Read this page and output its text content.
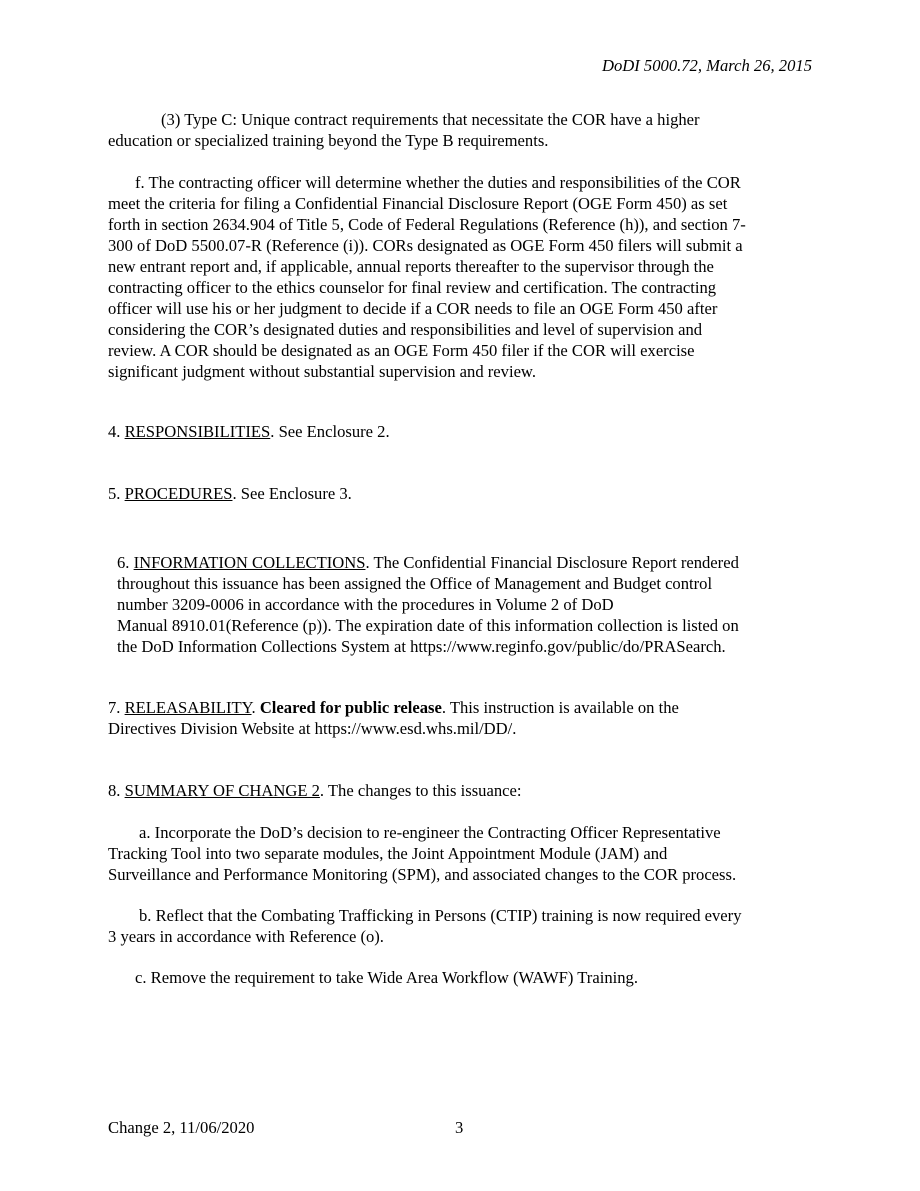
DoDI 5000.72, March 26, 2015
(3) Type C: Unique contract requirements that necessitate the COR have a higher
education or specialized training beyond the Type B requirements.
f. The contracting officer will determine whether the duties and responsibilities of the COR
meet the criteria for filing a Confidential Financial Disclosure Report (OGE Form 450) as set
forth in section 2634.904 of Title 5, Code of Federal Regulations (Reference (h)), and section 7-
300 of DoD 5500.07-R (Reference (i)). CORs designated as OGE Form 450 filers will submit a
new entrant report and, if applicable, annual reports thereafter to the supervisor through the
contracting officer to the ethics counselor for final review and certification. The contracting
officer will use his or her judgment to decide if a COR needs to file an OGE Form 450 after
considering the COR’s designated duties and responsibilities and level of supervision and
review. A COR should be designated as an OGE Form 450 filer if the COR will exercise
significant judgment without substantial supervision and review.
4. RESPONSIBILITIES. See Enclosure 2.
5. PROCEDURES. See Enclosure 3.
6. INFORMATION COLLECTIONS. The Confidential Financial Disclosure Report rendered
throughout this issuance has been assigned the Office of Management and Budget control
number 3209-0006 in accordance with the procedures in Volume 2 of DoD
Manual 8910.01(Reference (p)). The expiration date of this information collection is listed on
the DoD Information Collections System at https://www.reginfo.gov/public/do/PRASearch.
7. RELEASABILITY. Cleared for public release. This instruction is available on the
Directives Division Website at https://www.esd.whs.mil/DD/.
8. SUMMARY OF CHANGE 2. The changes to this issuance:
a. Incorporate the DoD’s decision to re-engineer the Contracting Officer Representative
Tracking Tool into two separate modules, the Joint Appointment Module (JAM) and
Surveillance and Performance Monitoring (SPM), and associated changes to the COR process.
b. Reflect that the Combating Trafficking in Persons (CTIP) training is now required every
3 years in accordance with Reference (o).
c. Remove the requirement to take Wide Area Workflow (WAWF) Training.
Change 2, 11/06/2020	3
